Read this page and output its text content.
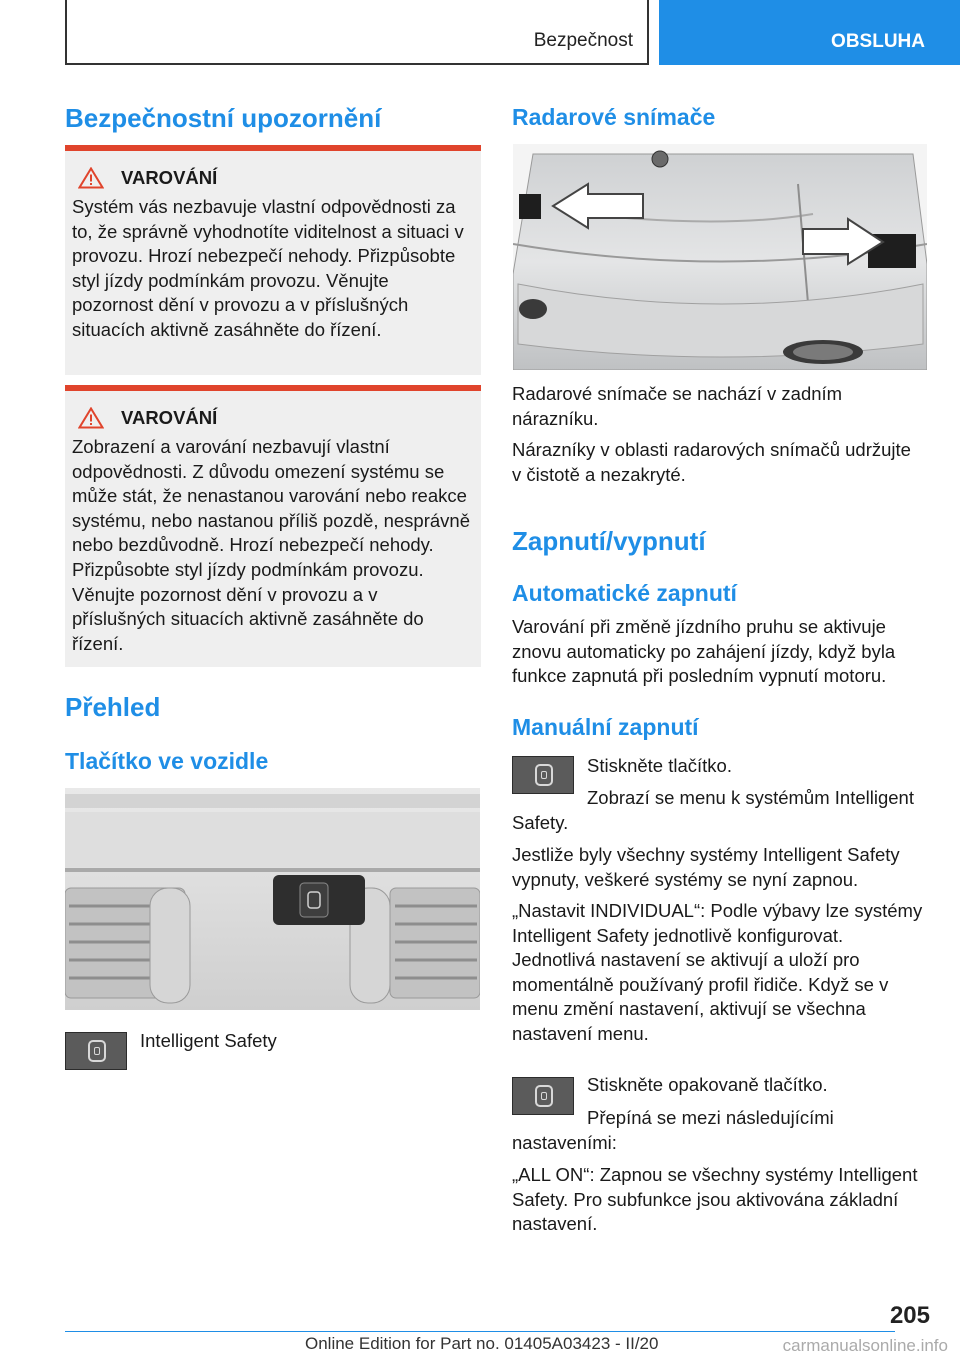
Bezpečnost	OBSLUHA
Bezpečnostní upozornění
VAROVÁNÍ
Systém vás nezbavuje vlastní odpovědnosti za to, že správně vyhodnotíte viditelnost a situaci v provozu. Hrozí nebezpečí nehody. Přizpůsobte styl jízdy podmínkám provozu. Věnujte pozornost dění v provozu a v příslušných situacích aktivně zasáhněte do řízení.
VAROVÁNÍ
Zobrazení a varování nezbavují vlastní odpovědnosti. Z důvodu omezení systému se může stát, že nenastanou varování nebo reakce systému, nebo nastanou příliš pozdě, nesprávně nebo bezdůvodně. Hrozí nebezpečí nehody. Přizpůsobte styl jízdy podmínkám provozu. Věnujte pozornost dění v provozu a v příslušných situacích aktivně zasáhněte do řízení.
Přehled
Tlačítko ve vozidle
Intelligent Safety
Radarové snímače
Radarové snímače se nachází v zadním nárazníku.
Nárazníky v oblasti radarových snímačů udržujte v čistotě a nezakryté.
Zapnutí/vypnutí
Automatické zapnutí
Varování při změně jízdního pruhu se aktivuje znovu automaticky po zahájení jízdy, když byla funkce zapnutá při posledním vypnutí motoru.
Manuální zapnutí
Stiskněte tlačítko.
Zobrazí se menu k systémům Intelligent Safety.
Jestliže byly všechny systémy Intelligent Safety vypnuty, veškeré systémy se nyní zapnou.
„Nastavit INDIVIDUAL“: Podle výbavy lze systémy Intelligent Safety jednotlivě konfigurovat. Jednotlivá nastavení se aktivují a uloží pro momentálně používaný profil řidiče. Když se v menu změní nastavení, aktivují se všechna nastavení menu.
Stiskněte opakovaně tlačítko.
Přepíná se mezi následujícími nastaveními:
„ALL ON“: Zapnou se všechny systémy Intelligent Safety. Pro subfunkce jsou aktivována základní nastavení.
205
Online Edition for Part no. 01405A03423 - II/20	carmanualsonline.info
